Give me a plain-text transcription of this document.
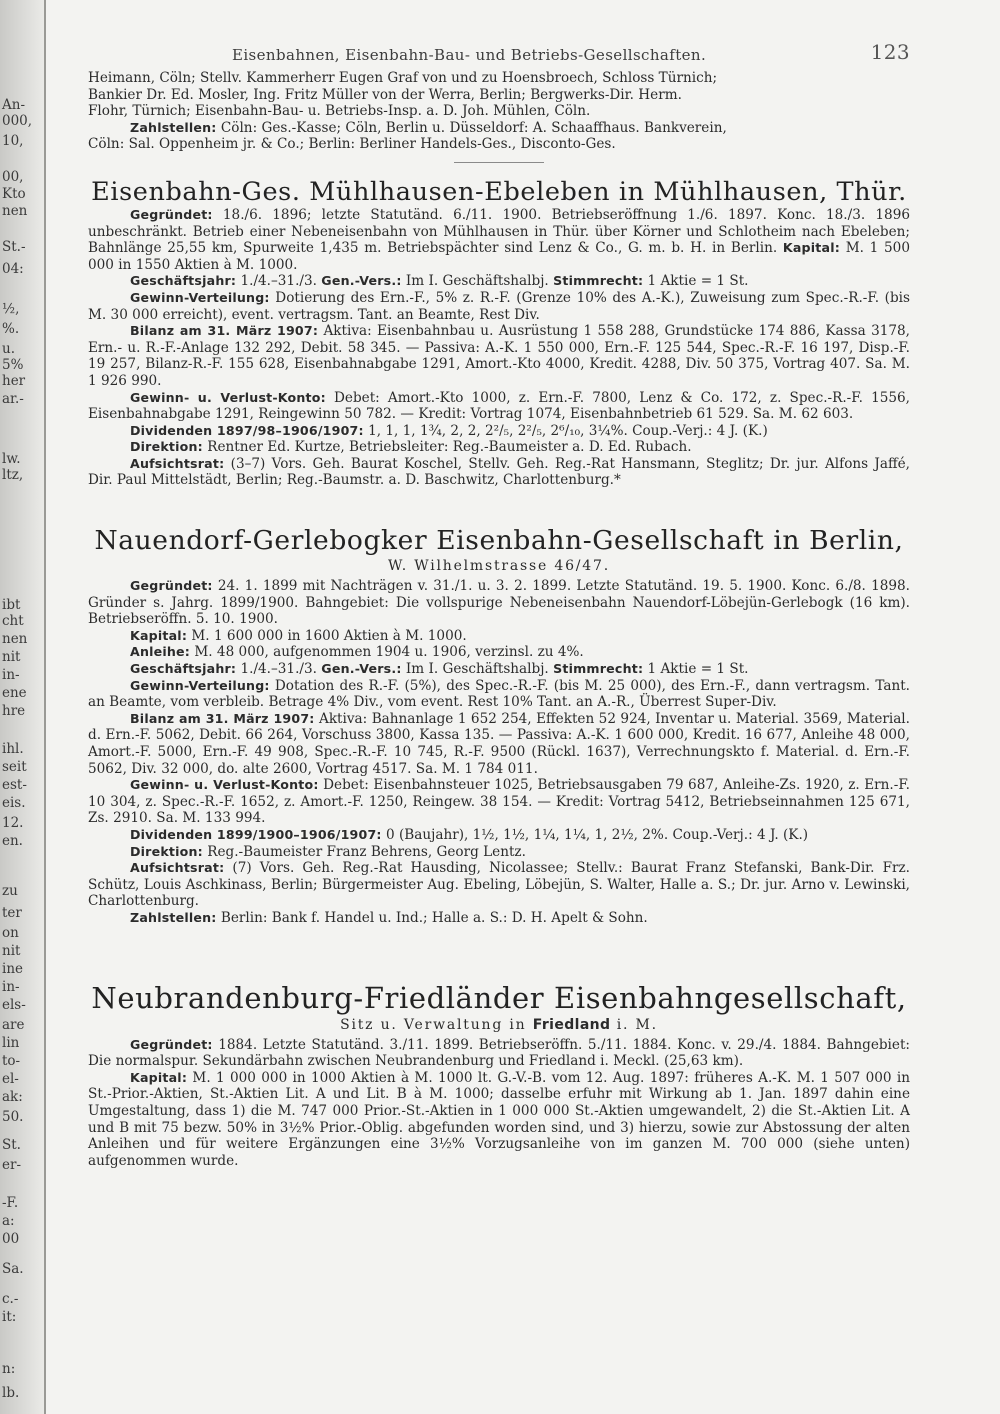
An-
000,
10,
00,
Kto
nen
St.-
04:
½,
%.
u.
5%
her
ar.-
lw.
ltz,
ibt
cht
nen
nit
in-
ene
hre
ihl.
seit
est-
eis.
12.
en.
zu
ter
on
nit
ine
in-
els-
are
lin
to-
el-
ak:
50.
St.
er-
-F.
a:
00
Sa.
c.-
it:
n:
lb.
Eisenbahnen, Eisenbahn-Bau- und Betriebs-Gesellschaften.	123

Heimann, Cöln; Stellv. Kammerherr Eugen Graf von und zu Hoensbroech, Schloss Türnich;

Bankier Dr. Ed. Mosler, Ing. Fritz Müller von der Werra, Berlin; Bergwerks-Dir. Herm.

Flohr, Türnich; Eisenbahn-Bau- u. Betriebs-Insp. a. D. Joh. Mühlen, Cöln.

Zahlstellen: Cöln: Ges.-Kasse; Cöln, Berlin u. Düsseldorf: A. Schaaffhaus. Bankverein,

Cöln: Sal. Oppenheim jr. & Co.; Berlin: Berliner Handels-Ges., Disconto-Ges.

Eisenbahn-Ges. Mühlhausen-Ebeleben in Mühlhausen, Thür.

Gegründet: 18./6. 1896; letzte Statutänd. 6./11. 1900. Betriebseröffnung 1./6. 1897. Konc. 18./3. 1896 unbeschränkt. Betrieb einer Nebeneisenbahn von Mühlhausen in Thür. über Körner und Schlotheim nach Ebeleben; Bahnlänge 25,55 km, Spurweite 1,435 m. Betriebspächter sind Lenz & Co., G. m. b. H. in Berlin. Kapital: M. 1 500 000 in 1550 Aktien à M. 1000.

Geschäftsjahr: 1./4.–31./3. Gen.-Vers.: Im I. Geschäftshalbj. Stimmrecht: 1 Aktie = 1 St.

Gewinn-Verteilung: Dotierung des Ern.-F., 5% z. R.-F. (Grenze 10% des A.-K.), Zuweisung zum Spec.-R.-F. (bis M. 30 000 erreicht), event. vertragsm. Tant. an Beamte, Rest Div.

Bilanz am 31. März 1907: Aktiva: Eisenbahnbau u. Ausrüstung 1 558 288, Grundstücke 174 886, Kassa 3178, Ern.- u. R.-F.-Anlage 132 292, Debit. 58 345. — Passiva: A.-K. 1 550 000, Ern.-F. 125 544, Spec.-R.-F. 16 197, Disp.-F. 19 257, Bilanz-R.-F. 155 628, Eisenbahnabgabe 1291, Amort.-Kto 4000, Kredit. 4288, Div. 50 375, Vortrag 407. Sa. M. 1 926 990.

Gewinn- u. Verlust-Konto: Debet: Amort.-Kto 1000, z. Ern.-F. 7800, Lenz & Co. 172, z. Spec.-R.-F. 1556, Eisenbahnabgabe 1291, Reingewinn 50 782. — Kredit: Vortrag 1074, Eisenbahnbetrieb 61 529. Sa. M. 62 603.

Dividenden 1897/98–1906/1907: 1, 1, 1, 1¾, 2, 2, 2²/₅, 2²/₅, 2⁶/₁₀, 3¼%. Coup.-Verj.: 4 J. (K.)

Direktion: Rentner Ed. Kurtze, Betriebsleiter: Reg.-Baumeister a. D. Ed. Rubach.

Aufsichtsrat: (3–7) Vors. Geh. Baurat Koschel, Stellv. Geh. Reg.-Rat Hansmann, Steglitz; Dr. jur. Alfons Jaffé, Dir. Paul Mittelstädt, Berlin; Reg.-Baumstr. a. D. Baschwitz, Charlottenburg.*

Nauendorf-Gerlebogker Eisenbahn-Gesellschaft in Berlin,
W. Wilhelmstrasse 46/47.

Gegründet: 24. 1. 1899 mit Nachträgen v. 31./1. u. 3. 2. 1899. Letzte Statutänd. 19. 5. 1900. Konc. 6./8. 1898. Gründer s. Jahrg. 1899/1900. Bahngebiet: Die vollspurige Nebeneisenbahn Nauendorf-Löbejün-Gerlebogk (16 km). Betriebseröffn. 5. 10. 1900.

Kapital: M. 1 600 000 in 1600 Aktien à M. 1000.

Anleihe: M. 48 000, aufgenommen 1904 u. 1906, verzinsl. zu 4%.

Geschäftsjahr: 1./4.–31./3. Gen.-Vers.: Im I. Geschäftshalbj. Stimmrecht: 1 Aktie = 1 St.

Gewinn-Verteilung: Dotation des R.-F. (5%), des Spec.-R.-F. (bis M. 25 000), des Ern.-F., dann vertragsm. Tant. an Beamte, vom verbleib. Betrage 4% Div., vom event. Rest 10% Tant. an A.-R., Überrest Super-Div.

Bilanz am 31. März 1907: Aktiva: Bahnanlage 1 652 254, Effekten 52 924, Inventar u. Material. 3569, Material. d. Ern.-F. 5062, Debit. 66 264, Vorschuss 3800, Kassa 135. — Passiva: A.-K. 1 600 000, Kredit. 16 677, Anleihe 48 000, Amort.-F. 5000, Ern.-F. 49 908, Spec.-R.-F. 10 745, R.-F. 9500 (Rückl. 1637), Verrechnungskto f. Material. d. Ern.-F. 5062, Div. 32 000, do. alte 2600, Vortrag 4517. Sa. M. 1 784 011.

Gewinn- u. Verlust-Konto: Debet: Eisenbahnsteuer 1025, Betriebsausgaben 79 687, Anleihe-Zs. 1920, z. Ern.-F. 10 304, z. Spec.-R.-F. 1652, z. Amort.-F. 1250, Reingew. 38 154. — Kredit: Vortrag 5412, Betriebseinnahmen 125 671, Zs. 2910. Sa. M. 133 994.

Dividenden 1899/1900–1906/1907: 0 (Baujahr), 1½, 1½, 1¼, 1¼, 1, 2½, 2%. Coup.-Verj.: 4 J. (K.)

Direktion: Reg.-Baumeister Franz Behrens, Georg Lentz.

Aufsichtsrat: (7) Vors. Geh. Reg.-Rat Hausding, Nicolassee; Stellv.: Baurat Franz Stefanski, Bank-Dir. Frz. Schütz, Louis Aschkinass, Berlin; Bürgermeister Aug. Ebeling, Löbejün, S. Walter, Halle a. S.; Dr. jur. Arno v. Lewinski, Charlottenburg.

Zahlstellen: Berlin: Bank f. Handel u. Ind.; Halle a. S.: D. H. Apelt & Sohn.

Neubrandenburg-Friedländer Eisenbahngesellschaft,
Sitz u. Verwaltung in Friedland i. M.

Gegründet: 1884. Letzte Statutänd. 3./11. 1899. Betriebseröffn. 5./11. 1884. Konc. v. 29./4. 1884. Bahngebiet: Die normalspur. Sekundärbahn zwischen Neubrandenburg und Friedland i. Meckl. (25,63 km).

Kapital: M. 1 000 000 in 1000 Aktien à M. 1000 lt. G.-V.-B. vom 12. Aug. 1897: früheres A.-K. M. 1 507 000 in St.-Prior.-Aktien, St.-Aktien Lit. A und Lit. B à M. 1000; dasselbe erfuhr mit Wirkung ab 1. Jan. 1897 dahin eine Umgestaltung, dass 1) die M. 747 000 Prior.-St.-Aktien in 1 000 000 St.-Aktien umgewandelt, 2) die St.-Aktien Lit. A und B mit 75 bezw. 50% in 3½% Prior.-Oblig. abgefunden worden sind, und 3) hierzu, sowie zur Abstossung der alten Anleihen und für weitere Ergänzungen eine 3½% Vorzugsanleihe von im ganzen M. 700 000 (siehe unten) aufgenommen wurde.
